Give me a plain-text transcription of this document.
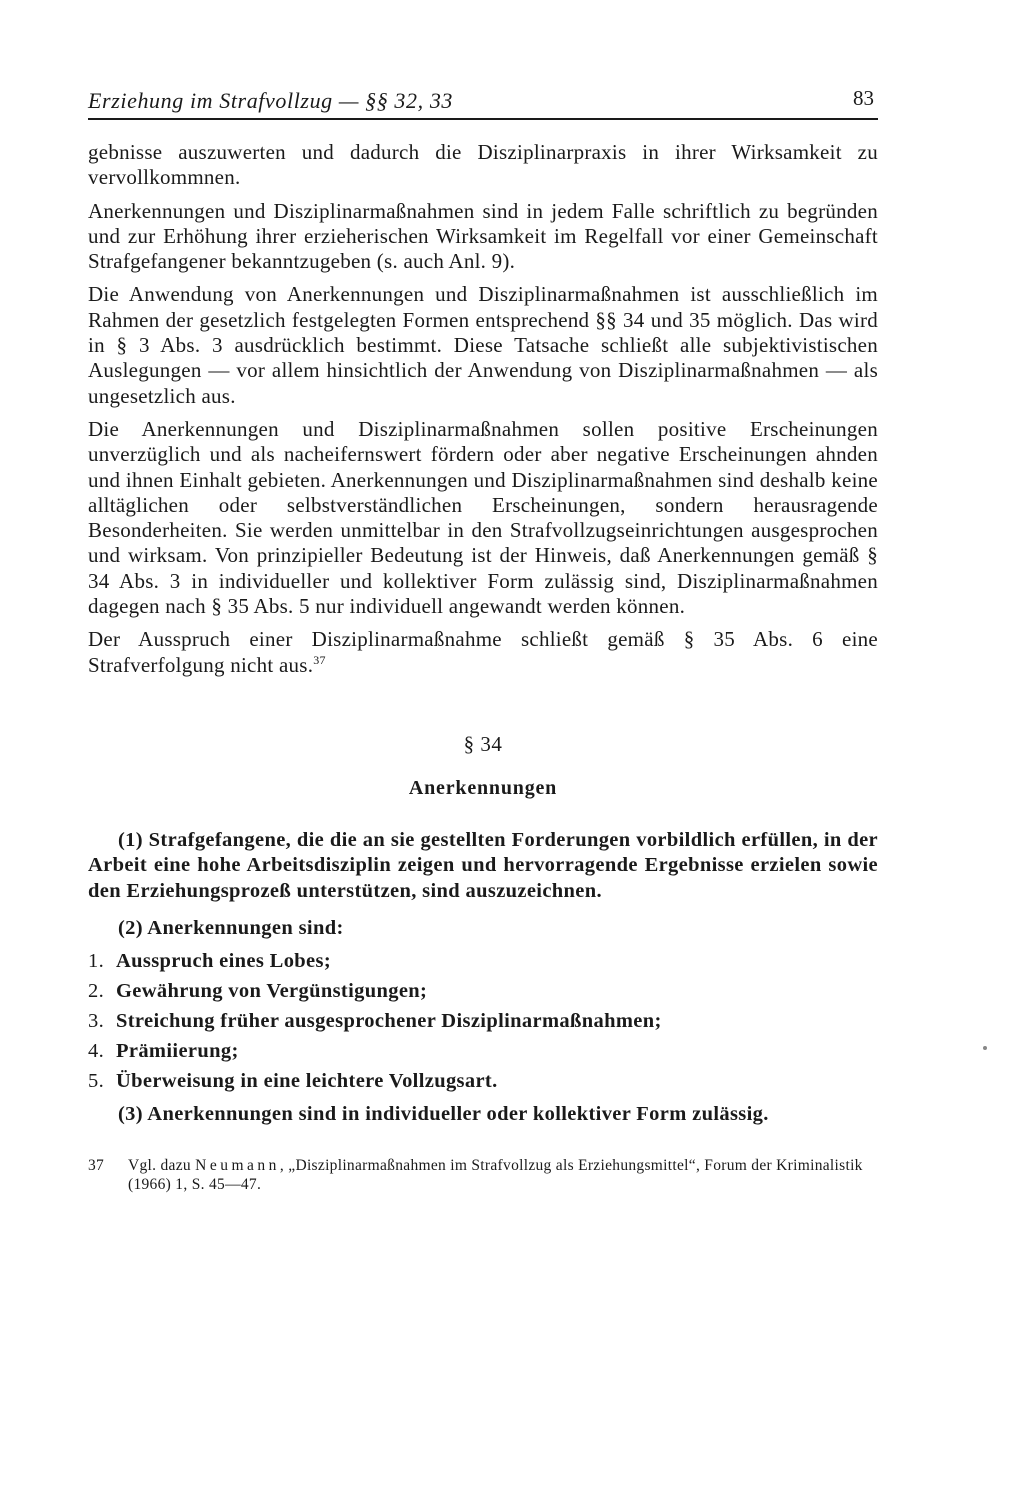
Erziehung im Strafvollzug — §§ 32, 33	83

gebnisse auszuwerten und dadurch die Disziplinarpraxis in ihrer Wirksamkeit zu vervollkommnen.

Anerkennungen und Disziplinarmaßnahmen sind in jedem Falle schriftlich zu begründen und zur Erhöhung ihrer erzieherischen Wirksamkeit im Regelfall vor einer Gemeinschaft Strafgefangener bekanntzugeben (s. auch Anl. 9).

Die Anwendung von Anerkennungen und Disziplinarmaßnahmen ist ausschließlich im Rahmen der gesetzlich festgelegten Formen entsprechend §§ 34 und 35 möglich. Das wird in § 3 Abs. 3 ausdrücklich bestimmt. Diese Tatsache schließt alle subjektivistischen Auslegungen — vor allem hinsichtlich der Anwendung von Disziplinarmaßnahmen — als ungesetzlich aus.

Die Anerkennungen und Disziplinarmaßnahmen sollen positive Erscheinungen unverzüglich und als nacheifernswert fördern oder aber negative Erscheinungen ahnden und ihnen Einhalt gebieten. Anerkennungen und Disziplinarmaßnahmen sind deshalb keine alltäglichen oder selbstverständlichen Erscheinungen, sondern herausragende Besonderheiten. Sie werden unmittelbar in den Strafvollzugseinrichtungen ausgesprochen und wirksam. Von prinzipieller Bedeutung ist der Hinweis, daß Anerkennungen gemäß § 34 Abs. 3 in individueller und kollektiver Form zulässig sind, Disziplinarmaßnahmen dagegen nach § 35 Abs. 5 nur individuell angewandt werden können.

Der Ausspruch einer Disziplinarmaßnahme schließt gemäß § 35 Abs. 6 eine Strafverfolgung nicht aus.$^{37}$

§ 34
Anerkennungen

(1) Strafgefangene, die die an sie gestellten Forderungen vorbildlich erfüllen, in der Arbeit eine hohe Arbeitsdisziplin zeigen und hervorragende Ergebnisse erzielen sowie den Erziehungsprozeß unterstützen, sind auszuzeichnen.

(2) Anerkennungen sind:

1. Ausspruch eines Lobes;
2. Gewährung von Vergünstigungen;
3. Streichung früher ausgesprochener Disziplinarmaßnahmen;
4. Prämiierung;
5. Überweisung in eine leichtere Vollzugsart.

(3) Anerkennungen sind in individueller oder kollektiver Form zulässig.

37	Vgl. dazu Neumann, „Disziplinarmaßnahmen im Strafvollzug als Erziehungsmittel“, Forum der Kriminalistik (1966) 1, S. 45—47.
